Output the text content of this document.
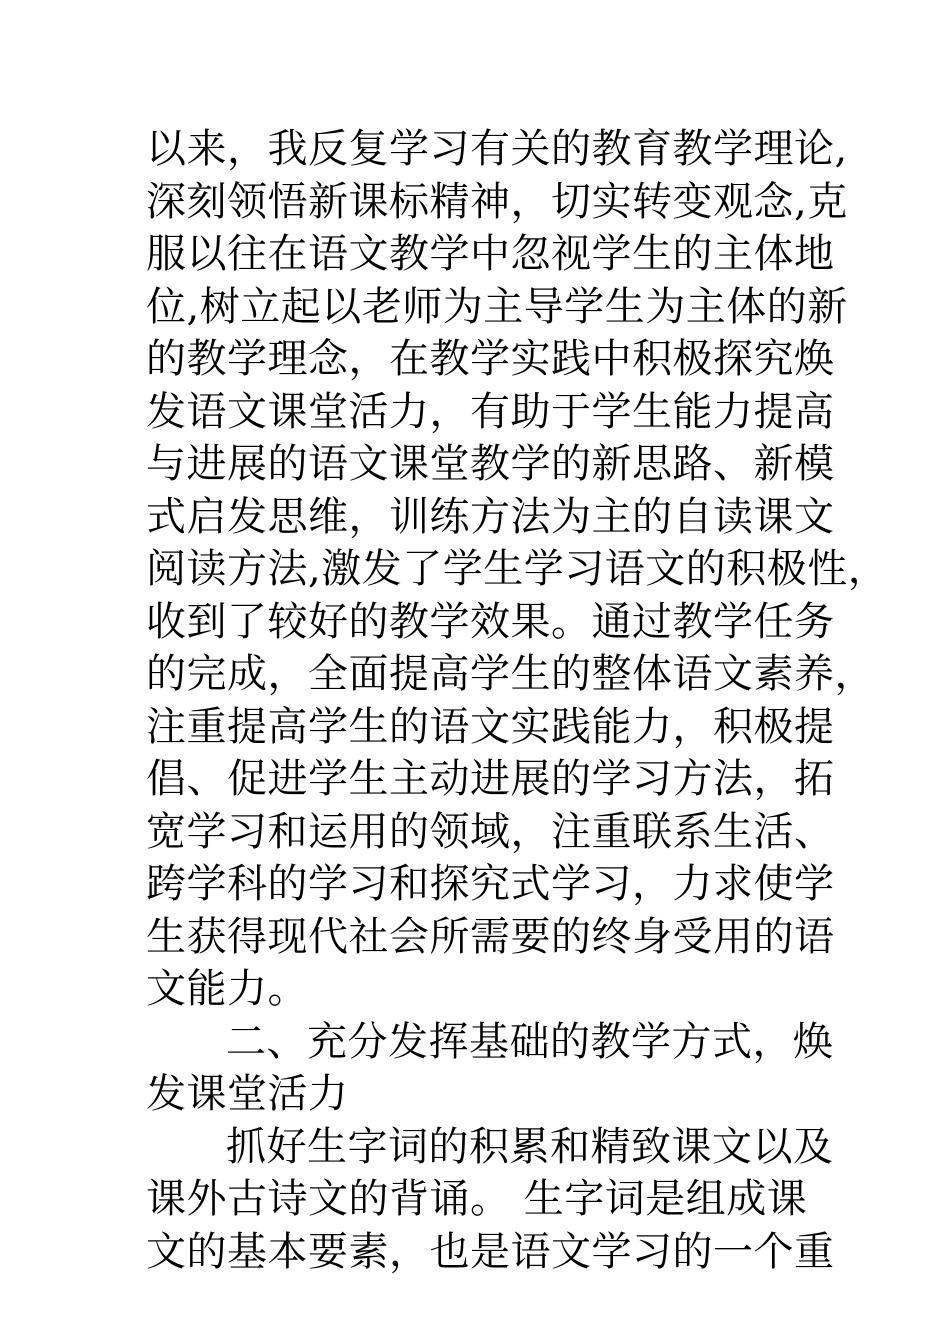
以来，我反复学习有关的教育教学理论,
深刻领悟新课标精神，切实转变观念,克
服以往在语文教学中忽视学生的主体地
位,树立起以老师为主导学生为主体的新
的教学理念，在教学实践中积极探究焕
发语文课堂活力，有助于学生能力提高
与进展的语文课堂教学的新思路、新模
式启发思维，训练方法为主的自读课文
阅读方法,激发了学生学习语文的积极性，
收到了较好的教学效果。通过教学任务
的完成，全面提高学生的整体语文素养，
注重提高学生的语文实践能力，积极提
倡、促进学生主动进展的学习方法，拓
宽学习和运用的领域，注重联系生活、
跨学科的学习和探究式学习，力求使学
生获得现代社会所需要的终身受用的语
文能力。
二、充分发挥基础的教学方式，焕
发课堂活力
抓好生字词的积累和精致课文以及
课外古诗文的背诵。 生字词是组成课
文的基本要素，也是语文学习的一个重
